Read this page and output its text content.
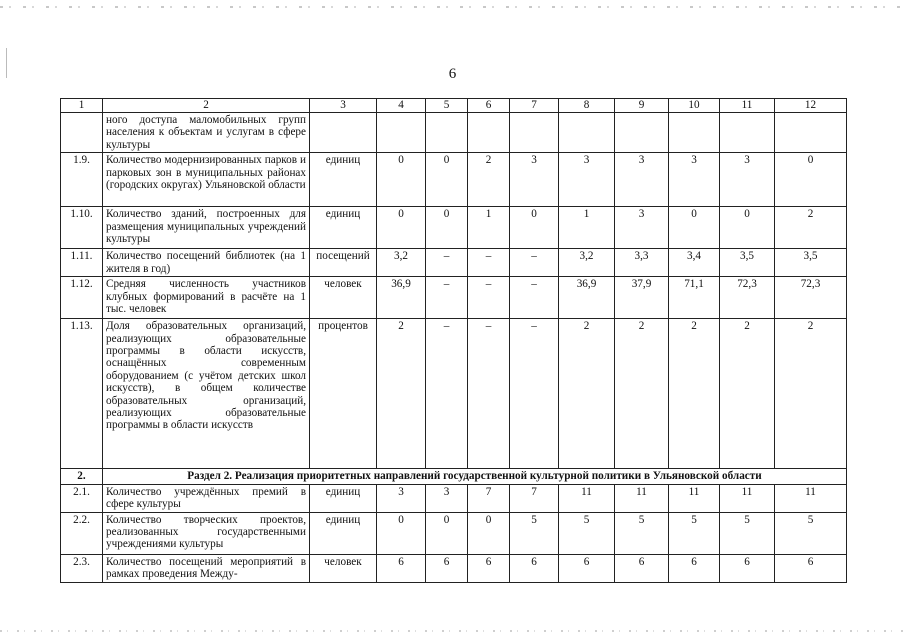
6
1	2	3	4	5	6	7	8	9	10	11	12
	ного доступа маломобильных групп населения к объектам и услугам в сфере культуры										
1.9.	Количество модернизированных парков и парковых зон в муниципальных районах (городских округах) Ульяновской области	единиц	0	0	2	3	3	3	3	3	0
1.10.	Количество зданий, построенных для размещения муниципальных учреждений культуры	единиц	0	0	1	0	1	3	0	0	2
1.11.	Количество посещений библиотек (на 1 жителя в год)	посещений	3,2	–	–	–	3,2	3,3	3,4	3,5	3,5
1.12.	Средняя численность участников клубных формирований в расчёте на 1 тыс. человек	человек	36,9	–	–	–	36,9	37,9	71,1	72,3	72,3
1.13.	Доля образовательных организаций, реализующих образовательные программы в области искусств, оснащённых современным оборудованием (с учётом детских школ искусств), в общем количестве образовательных организаций, реализующих образовательные программы в области искусств	процентов	2	–	–	–	2	2	2	2	2
2.	Раздел 2. Реализация приоритетных направлений государственной культурной политики в Ульяновской области										
2.1.	Количество учреждённых премий в сфере культуры	единиц	3	3	7	7	11	11	11	11	11
2.2.	Количество творческих проектов, реализованных государственными учреждениями культуры	единиц	0	0	0	5	5	5	5	5	5
2.3.	Количество посещений мероприятий в рамках проведения Между-	человек	6	6	6	6	6	6	6	6	6
